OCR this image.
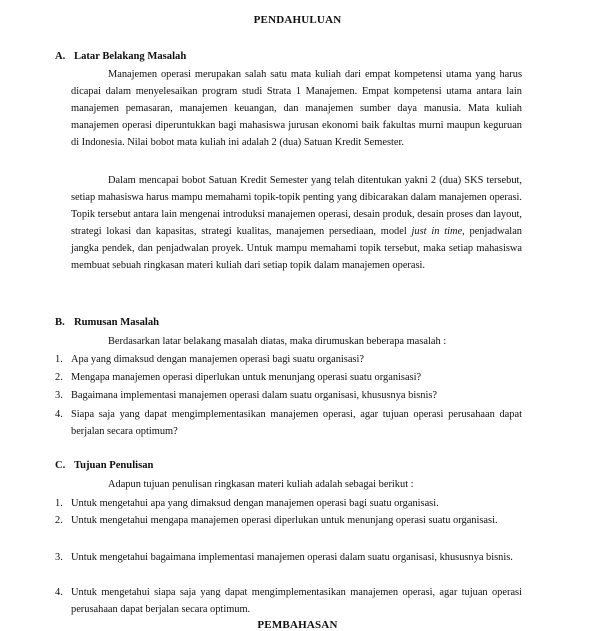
PENDAHULUAN
A. Latar Belakang Masalah

Manajemen operasi merupakan salah satu mata kuliah dari empat kompetensi utama yang harus dicapai dalam menyelesaikan program studi Strata 1 Manajemen. Empat kompetensi utama antara lain manajemen pemasaran, manajemen keuangan, dan manajemen sumber daya manusia. Mata kuliah manajemen operasi diperuntukkan bagi mahasiswa jurusan ekonomi baik fakultas murni maupun keguruan di Indonesia. Nilai bobot mata kuliah ini adalah 2 (dua) Satuan Kredit Semester.

Dalam mencapai bobot Satuan Kredit Semester yang telah ditentukan yakni 2 (dua) SKS tersebut, setiap mahasiswa harus mampu memahami topik-topik penting yang dibicarakan dalam manajemen operasi. Topik tersebut antara lain mengenai introduksi manajemen operasi, desain produk, desain proses dan layout, strategi lokasi dan kapasitas, strategi kualitas, manajemen persediaan, model just in time, penjadwalan jangka pendek, dan penjadwalan proyek. Untuk mampu memahami topik tersebut, maka setiap mahasiswa membuat sebuah ringkasan materi kuliah dari setiap topik dalam manajemen operasi.

B. Rumusan Masalah
Berdasarkan latar belakang masalah diatas, maka dirumuskan beberapa masalah :
1. Apa yang dimaksud dengan manajemen operasi bagi suatu organisasi?
2. Mengapa manajemen operasi diperlukan untuk menunjang operasi suatu organisasi?
3. Bagaimana implementasi manajemen operasi dalam suatu organisasi, khususnya bisnis?
4. Siapa saja yang dapat mengimplementasikan manajemen operasi, agar tujuan operasi perusahaan dapat berjalan secara optimum?
C. Tujuan Penulisan
Adapun tujuan penulisan ringkasan materi kuliah adalah sebagai berikut :
1. Untuk mengetahui apa yang dimaksud dengan manajemen operasi bagi suatu organisasi.
2. Untuk mengetahui mengapa manajemen operasi diperlukan untuk menunjang operasi suatu organisasi.
3. Untuk mengetahui bagaimana implementasi manajemen operasi dalam suatu organisasi, khususnya bisnis.
4. Untuk mengetahui siapa saja yang dapat mengimplementasikan manajemen operasi, agar tujuan operasi perusahaan dapat berjalan secara optimum.
PEMBAHASAN
